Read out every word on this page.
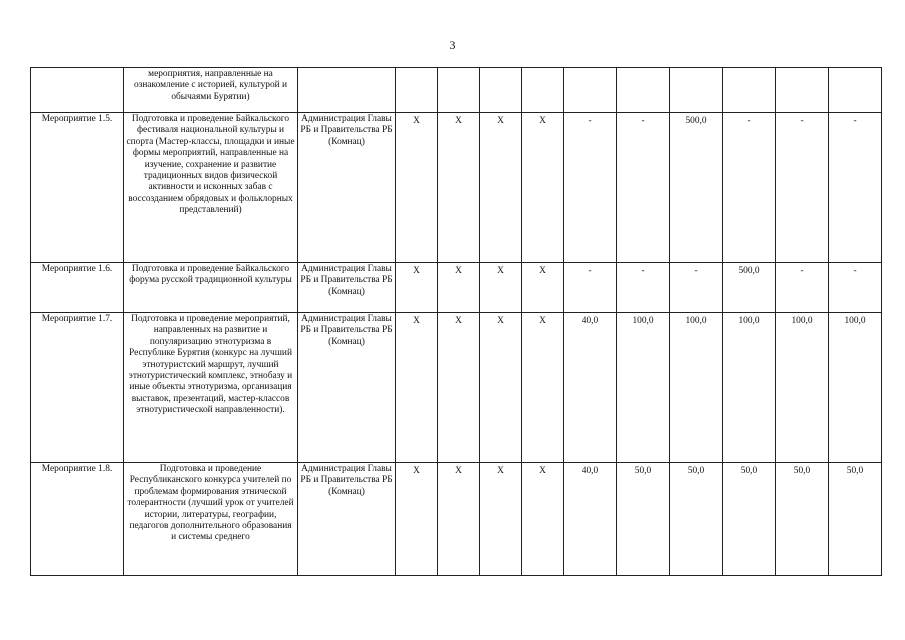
3
	мероприятия, направленные на ознакомление с историей, культурой и обычаями Бурятии)											
Мероприятие 1.5.	Подготовка и проведение Байкальского фестиваля национальной культуры и спорта (Мастер-классы, площадки и иные формы мероприятий, направленные на изучение, сохранение и развитие традиционных видов физической активности и исконных забав с воссозданием обрядовых и фольклорных представлений)	Администрация Главы РБ и Правительства РБ (Комнац)	Х	Х	Х	Х	-	-	500,0	-	-	-
Мероприятие 1.6.	Подготовка и проведение Байкальского форума русской традиционной культуры	Администрация Главы РБ и Правительства РБ (Комнац)	Х	Х	Х	Х	-	-	-	500,0	-	-
Мероприятие 1.7.	Подготовка и проведение мероприятий, направленных на развитие и популяризацию этнотуризма в Республике Бурятия (конкурс на лучший этнотуристский маршрут, лучший этнотуристический комплекс, этнобазу и иные объекты этнотуризма, организация выставок, презентаций, мастер-классов этнотуристической направленности).	Администрация Главы РБ и Правительства РБ (Комнац)	Х	Х	Х	Х	40,0	100,0	100,0	100,0	100,0	100,0
Мероприятие 1.8.	Подготовка и проведение Республиканского конкурса учителей по проблемам формирования этнической толерантности (лучший урок от учителей истории, литературы, географии, педагогов дополнительного образования и системы среднего	Администрация Главы РБ и Правительства РБ (Комнац)	Х	Х	Х	Х	40,0	50,0	50,0	50,0	50,0	50,0
